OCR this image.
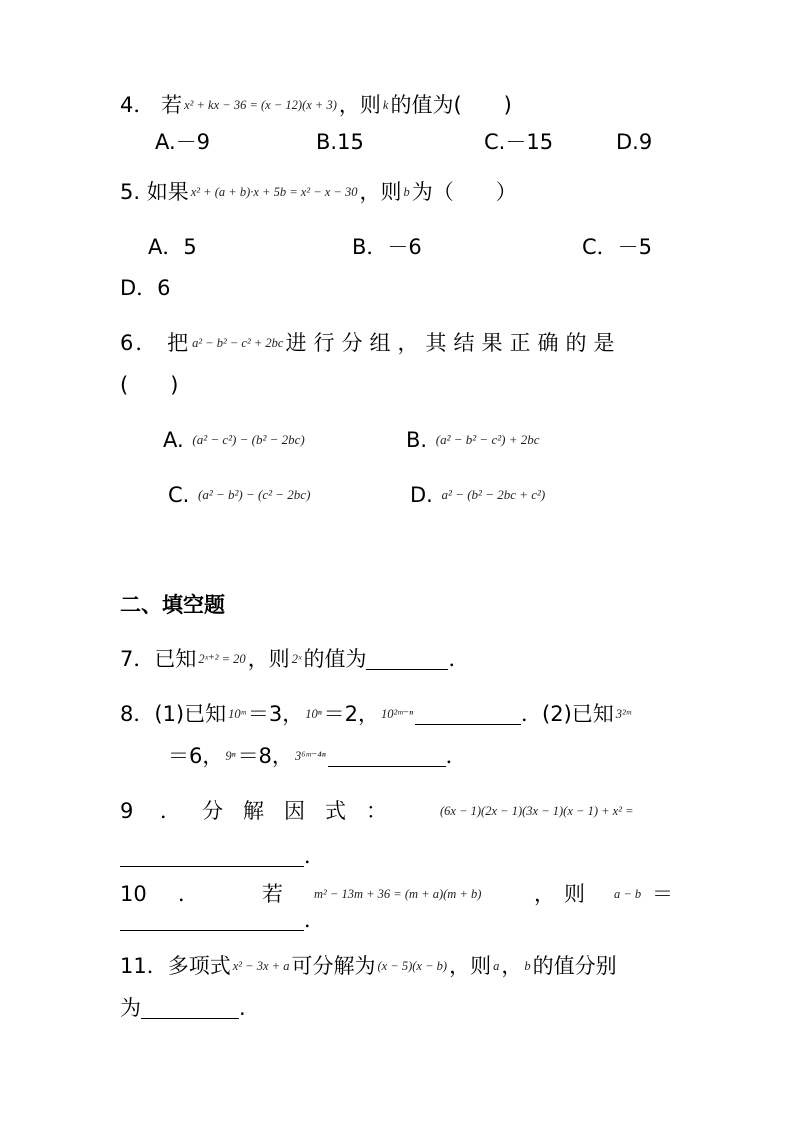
4． 若 x² + kx − 36 = (x − 12)(x + 3)，则 k的值为(　　)
A.－9	B.15	C.－15	D.9
5. 如果 x² + (a + b)·x + 5b = x² − x − 30，则 b为（　　）
A．5	B．－6	C．－5
D．6
6． 把 a² − b² − c² + 2bc进行分组，其结果正确的是
(　　)
A. (a² − c²) − (b² − 2bc)	B. (a² − b² − c²) + 2bc
C. (a² − b²) − (c² − 2bc)	D. a² − (b² − 2bc + c²)
二、填空题
7．已知 2ˣ⁺² = 20，则 2ˣ的值为	．
8．(1)已知 10ᵐ＝3， 10ⁿ＝2， 10²ᵐ⁻ⁿ	．(2)已知 3²ᵐ
＝6， 9ⁿ＝8， 3⁶ᵐ⁻⁴ⁿ	．
9 ． 分解因式：	(6x − 1)(2x − 1)(3x − 1)(x − 1) + x² =
．
10 ．	若 m² − 13m + 36 = (m + a)(m + b)	， 则 a − b ＝
．
11．多项式 x² − 3x + a可分解为 (x − 5)(x − b)，则 a， b的值分别
为	.
